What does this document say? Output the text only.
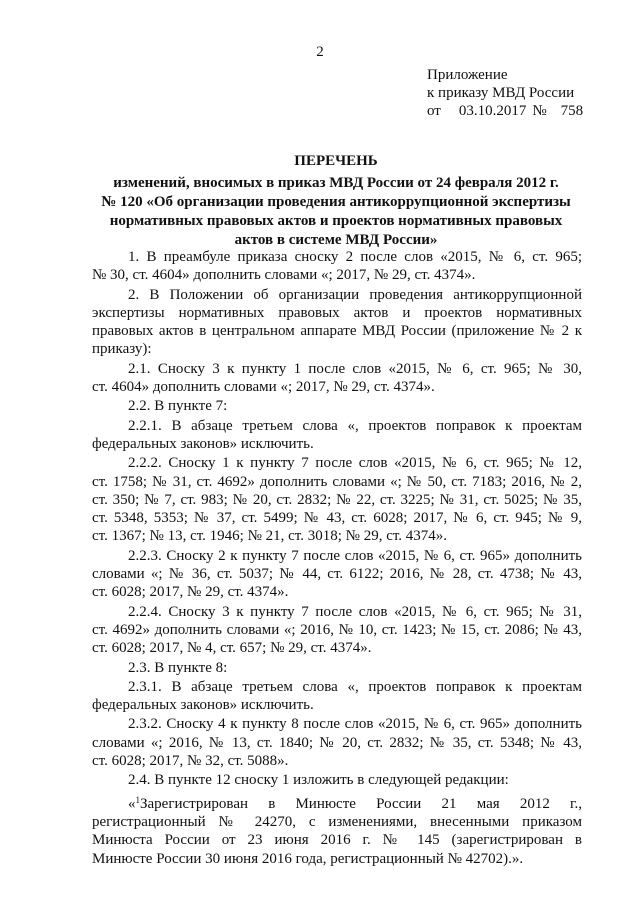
2
Приложение
к приказу МВД России
от 03.10.2017 № 758
ПЕРЕЧЕНЬ
изменений, вносимых в приказ МВД России от 24 февраля 2012 г.
№ 120 «Об организации проведения антикоррупционной экспертизы
нормативных правовых актов и проектов нормативных правовых
актов в системе МВД России»
1. В преамбуле приказа сноску 2 после слов «2015, № 6, ст. 965;
№ 30, ст. 4604» дополнить словами «; 2017, № 29, ст. 4374».
2. В Положении об организации проведения антикоррупционной
экспертизы нормативных правовых актов и проектов нормативных
правовых актов в центральном аппарате МВД России (приложение № 2 к
приказу):
2.1. Сноску 3 к пункту 1 после слов «2015, № 6, ст. 965; № 30,
ст. 4604» дополнить словами «; 2017, № 29, ст. 4374».
2.2. В пункте 7:
2.2.1. В абзаце третьем слова «, проектов поправок к проектам
федеральных законов» исключить.
2.2.2. Сноску 1 к пункту 7 после слов «2015, № 6, ст. 965; № 12,
ст. 1758; № 31, ст. 4692» дополнить словами «; № 50, ст. 7183; 2016, № 2,
ст. 350; № 7, ст. 983; № 20, ст. 2832; № 22, ст. 3225; № 31, ст. 5025; № 35,
ст. 5348, 5353; № 37, ст. 5499; № 43, ст. 6028; 2017, № 6, ст. 945; № 9,
ст. 1367; № 13, ст. 1946; № 21, ст. 3018; № 29, ст. 4374».
2.2.3. Сноску 2 к пункту 7 после слов «2015, № 6, ст. 965» дополнить
словами «; № 36, ст. 5037; № 44, ст. 6122; 2016, № 28, ст. 4738; № 43,
ст. 6028; 2017, № 29, ст. 4374».
2.2.4. Сноску 3 к пункту 7 после слов «2015, № 6, ст. 965; № 31,
ст. 4692» дополнить словами «; 2016, № 10, ст. 1423; № 15, ст. 2086; № 43,
ст. 6028; 2017, № 4, ст. 657; № 29, ст. 4374».
2.3. В пункте 8:
2.3.1. В абзаце третьем слова «, проектов поправок к проектам
федеральных законов» исключить.
2.3.2. Сноску 4 к пункту 8 после слов «2015, № 6, ст. 965» дополнить
словами «; 2016, № 13, ст. 1840; № 20, ст. 2832; № 35, ст. 5348; № 43,
ст. 6028; 2017, № 32, ст. 5088».
2.4. В пункте 12 сноску 1 изложить в следующей редакции:
«$^1$Зарегистрирован в Минюсте России 21 мая 2012 г.,
регистрационный № 24270, с изменениями, внесенными приказом
Минюста России от 23 июня 2016 г. № 145 (зарегистрирован в
Минюсте России 30 июня 2016 года, регистрационный № 42702).».
